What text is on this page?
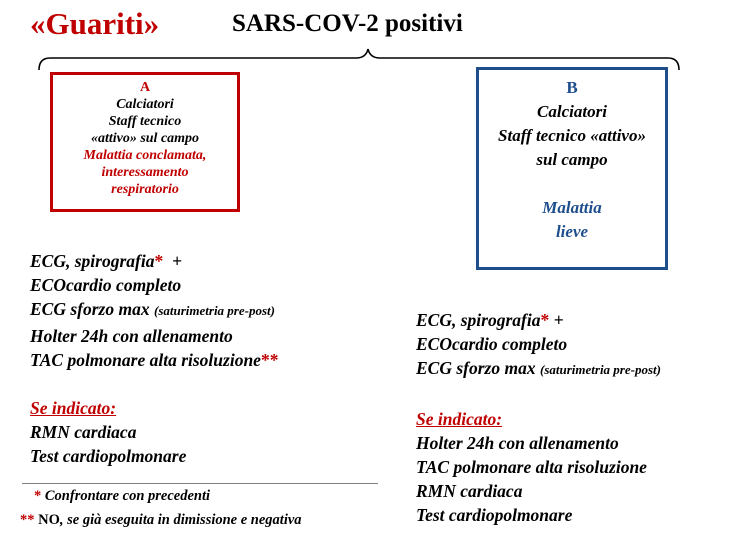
«Guariti»	SARS-COV-2 positivi
A
Calciatori
Staff tecnico
«attivo» sul campo
Malattia conclamata,
interessamento
respiratorio
B
Calciatori
Staff tecnico «attivo»
sul campo
Malattia
lieve
ECG, spirografia*  +
ECOcardio completo
ECG sforzo max (saturimetria pre-post)
Holter 24h con allenamento
TAC polmonare alta risoluzione**
Se indicato:
RMN cardiaca
Test cardiopolmonare
ECG, spirografia* +
ECOcardio completo
ECG sforzo max (saturimetria pre-post)
Se indicato:
Holter 24h con allenamento
TAC polmonare alta risoluzione
RMN cardiaca
Test cardiopolmonare
* Confrontare con precedenti
** NO, se già eseguita in dimissione e negativa
